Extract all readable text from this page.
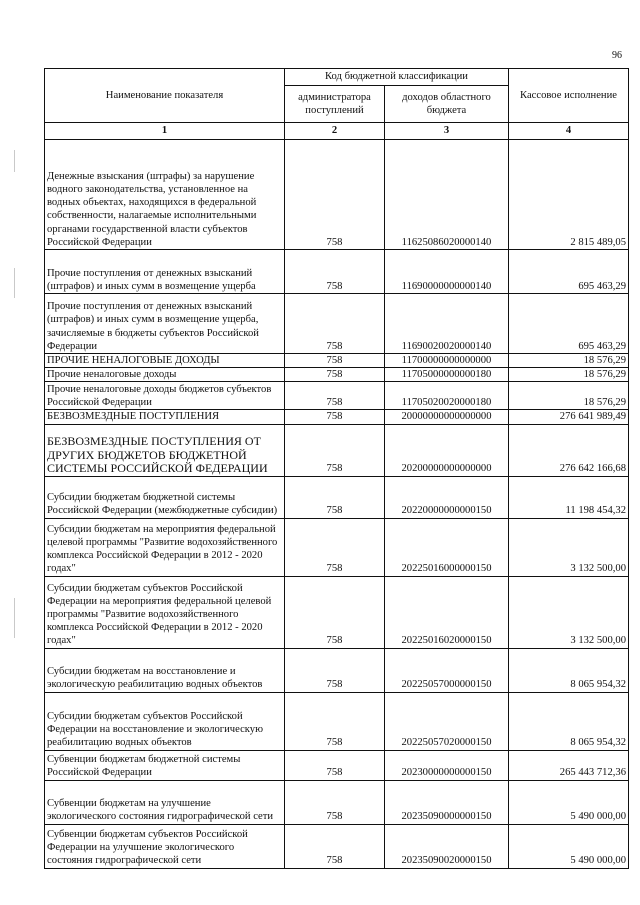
96
Наименование показателя	Код бюджетной классификации		Кассовое исполнение
	администратора поступлений	доходов областного бюджета	
1	2	3	4
Денежные взыскания (штрафы) за нарушение водного законодательства, установленное на водных объектах, находящихся в федеральной собственности, налагаемые исполнительными органами государственной власти субъектов Российской Федерации	758	11625086020000140	2 815 489,05
Прочие поступления от денежных взысканий (штрафов) и иных сумм в возмещение ущерба	758	11690000000000140	695 463,29
Прочие поступления от денежных взысканий (штрафов) и иных сумм в возмещение ущерба, зачисляемые в бюджеты субъектов Российской Федерации	758	11690020020000140	695 463,29
ПРОЧИЕ НЕНАЛОГОВЫЕ ДОХОДЫ	758	11700000000000000	18 576,29
Прочие неналоговые доходы	758	11705000000000180	18 576,29
Прочие неналоговые доходы бюджетов субъектов Российской Федерации	758	11705020020000180	18 576,29
БЕЗВОЗМЕЗДНЫЕ ПОСТУПЛЕНИЯ	758	20000000000000000	276 641 989,49
БЕЗВОЗМЕЗДНЫЕ ПОСТУПЛЕНИЯ ОТ ДРУГИХ БЮДЖЕТОВ БЮДЖЕТНОЙ СИСТЕМЫ РОССИЙСКОЙ ФЕДЕРАЦИИ	758	20200000000000000	276 642 166,68
Субсидии бюджетам бюджетной системы Российской Федерации (межбюджетные субсидии)	758	20220000000000150	11 198 454,32
Субсидии бюджетам на мероприятия федеральной целевой программы "Развитие водохозяйственного комплекса Российской Федерации в 2012 - 2020 годах"	758	20225016000000150	3 132 500,00
Субсидии бюджетам субъектов Российской Федерации на мероприятия федеральной целевой программы "Развитие водохозяйственного комплекса Российской Федерации в 2012 - 2020 годах"	758	20225016020000150	3 132 500,00
Субсидии бюджетам на восстановление и экологическую реабилитацию водных объектов	758	20225057000000150	8 065 954,32
Субсидии бюджетам субъектов Российской Федерации на восстановление и экологическую реабилитацию водных объектов	758	20225057020000150	8 065 954,32
Субвенции бюджетам бюджетной системы Российской Федерации	758	20230000000000150	265 443 712,36
Субвенции бюджетам на улучшение экологического состояния гидрографической сети	758	20235090000000150	5 490 000,00
Субвенции бюджетам субъектов Российской Федерации на улучшение экологического состояния гидрографической сети	758	20235090020000150	5 490 000,00
